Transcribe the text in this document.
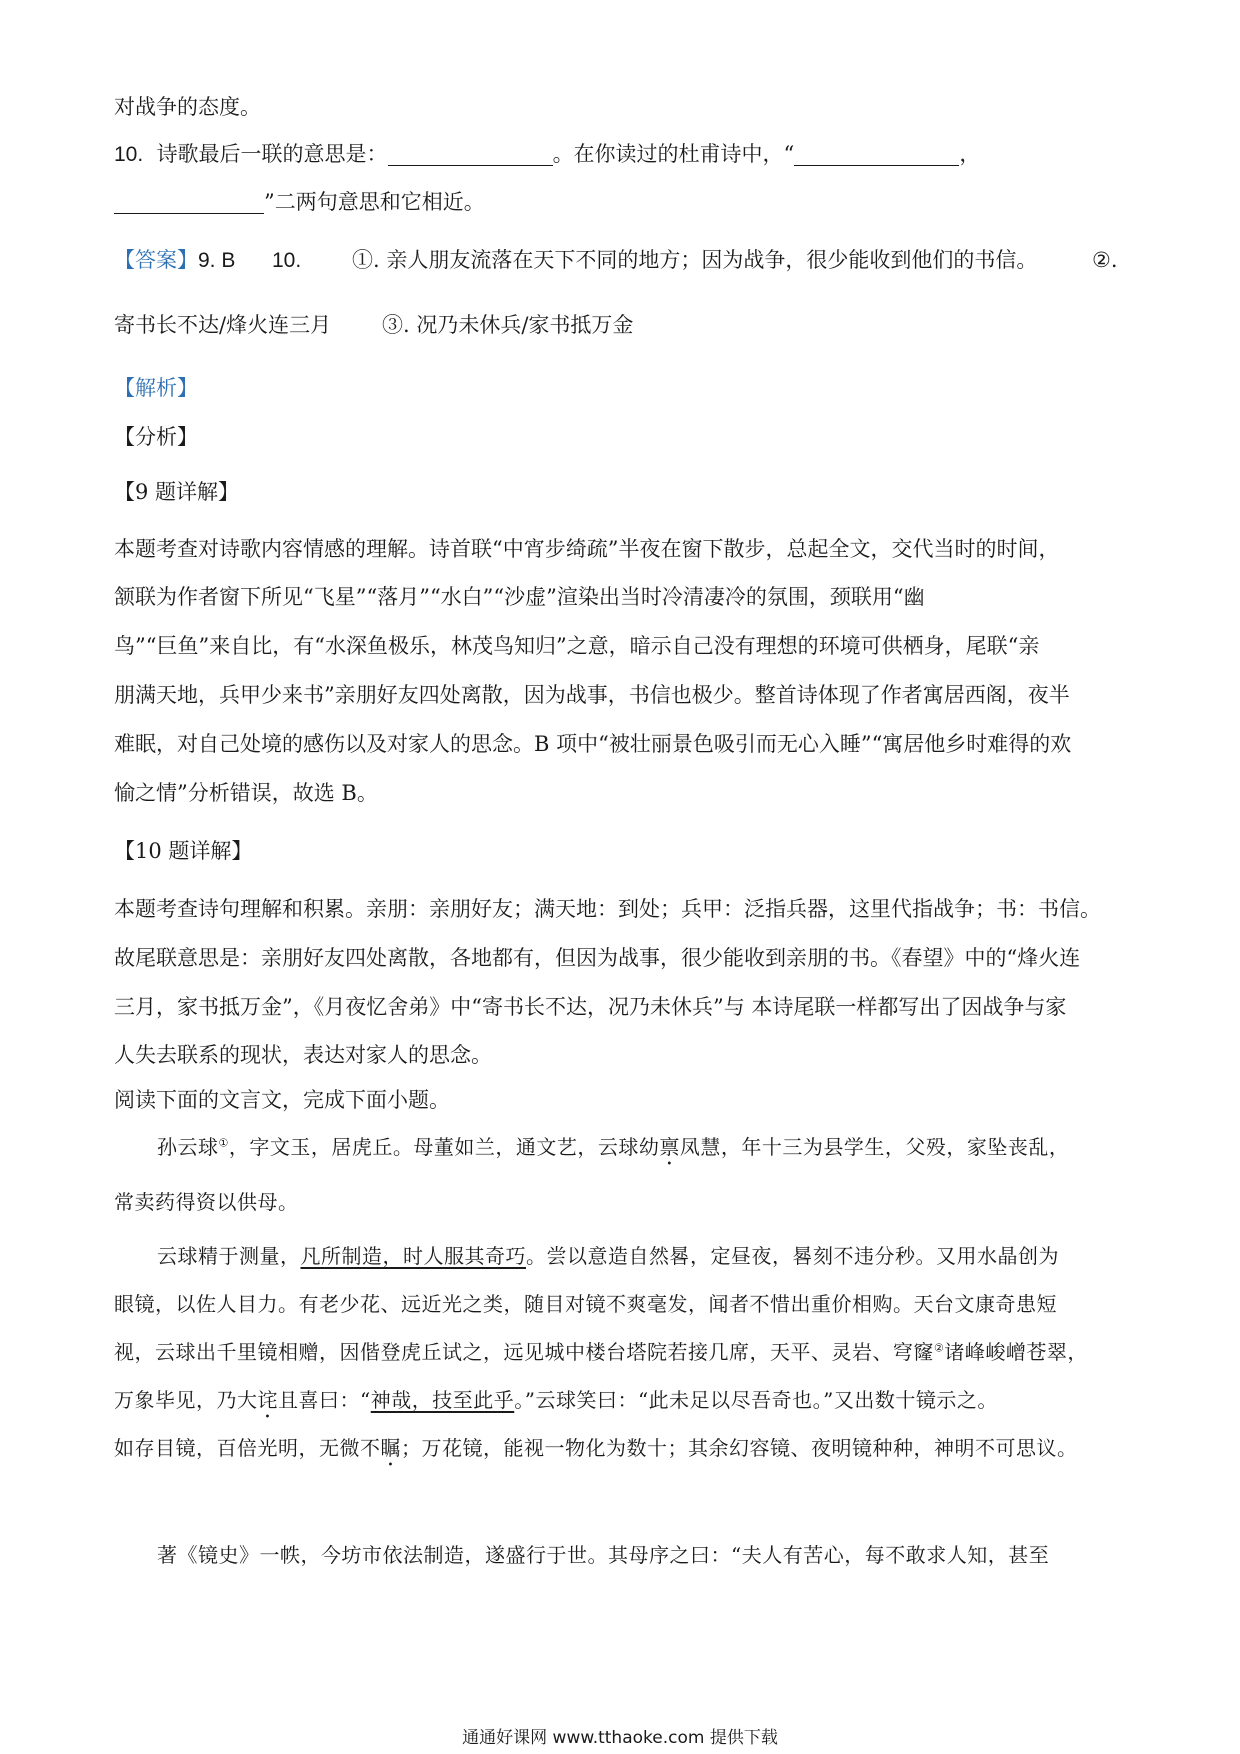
对战争的态度。
10. 诗歌最后一联的意思是：	。在你读过的杜甫诗中，“	，
”二两句意思和它相近。
【答案】9. B 10. ①. 亲人朋友流落在天下不同的地方；因为战争，很少能收到他们的书信。	②.
寄书长不达/烽火连三月 ③. 况乃未休兵/家书抵万金
【解析】
【分析】
【9 题详解】
本题考查对诗歌内容情感的理解。诗首联“中宵步绮疏”半夜在窗下散步，总起全文，交代当时的时间，
颔联为作者窗下所见“飞星”“落月”“水白”“沙虚”渲染出当时冷清凄冷的氛围，颈联用“幽
鸟”“巨鱼”来自比，有“水深鱼极乐，林茂鸟知归”之意，暗示自己没有理想的环境可供栖身，尾联“亲
朋满天地，兵甲少来书”亲朋好友四处离散，因为战事，书信也极少。整首诗体现了作者寓居西阁，夜半
难眠，对自己处境的感伤以及对家人的思念。B 项中“被壮丽景色吸引而无心入睡”“寓居他乡时难得的欢
愉之情”分析错误，故选 B。
【10 题详解】
本题考查诗句理解和积累。亲朋：亲朋好友；满天地：到处；兵甲：泛指兵器，这里代指战争；书：书信。
故尾联意思是：亲朋好友四处离散，各地都有，但因为战事，很少能收到亲朋的书。《春望》中的“烽火连
三月，家书抵万金”，《月夜忆舍弟》中“寄书长不达，况乃未休兵”与 本诗尾联一样都写出了因战争与家
人失去联系的现状，表达对家人的思念。
阅读下面的文言文，完成下面小题。
孙云球①，字文玉，居虎丘。母董如兰，通文艺，云球幼禀凤慧，年十三为县学生，父殁，家坠丧乱，
常卖药得资以供母。
云球精于测量，凡所制造，时人服其奇巧。尝以意造自然晷，定昼夜，晷刻不违分秒。又用水晶创为
眼镜，以佐人目力。有老少花、远近光之类，随目对镜不爽毫发，闻者不惜出重价相购。天台文康奇患短
视，云球出千里镜相赠，因偕登虎丘试之，远见城中楼台塔院若接几席，天平、灵岩、穹窿②诸峰峻嶒苍翠，
万象毕见，乃大诧且喜曰：“神哉，技至此乎。”云球笑曰：“此未足以尽吾奇也。”又出数十镜示之。
如存目镜，百倍光明，无微不瞩；万花镜，能视一物化为数十；其余幻容镜、夜明镜种种，神明不可思议。
著《镜史》一帙，今坊市依法制造，遂盛行于世。其母序之曰：“夫人有苦心，每不敢求人知，甚至
通通好课网 www.tthaoke.com 提供下载
